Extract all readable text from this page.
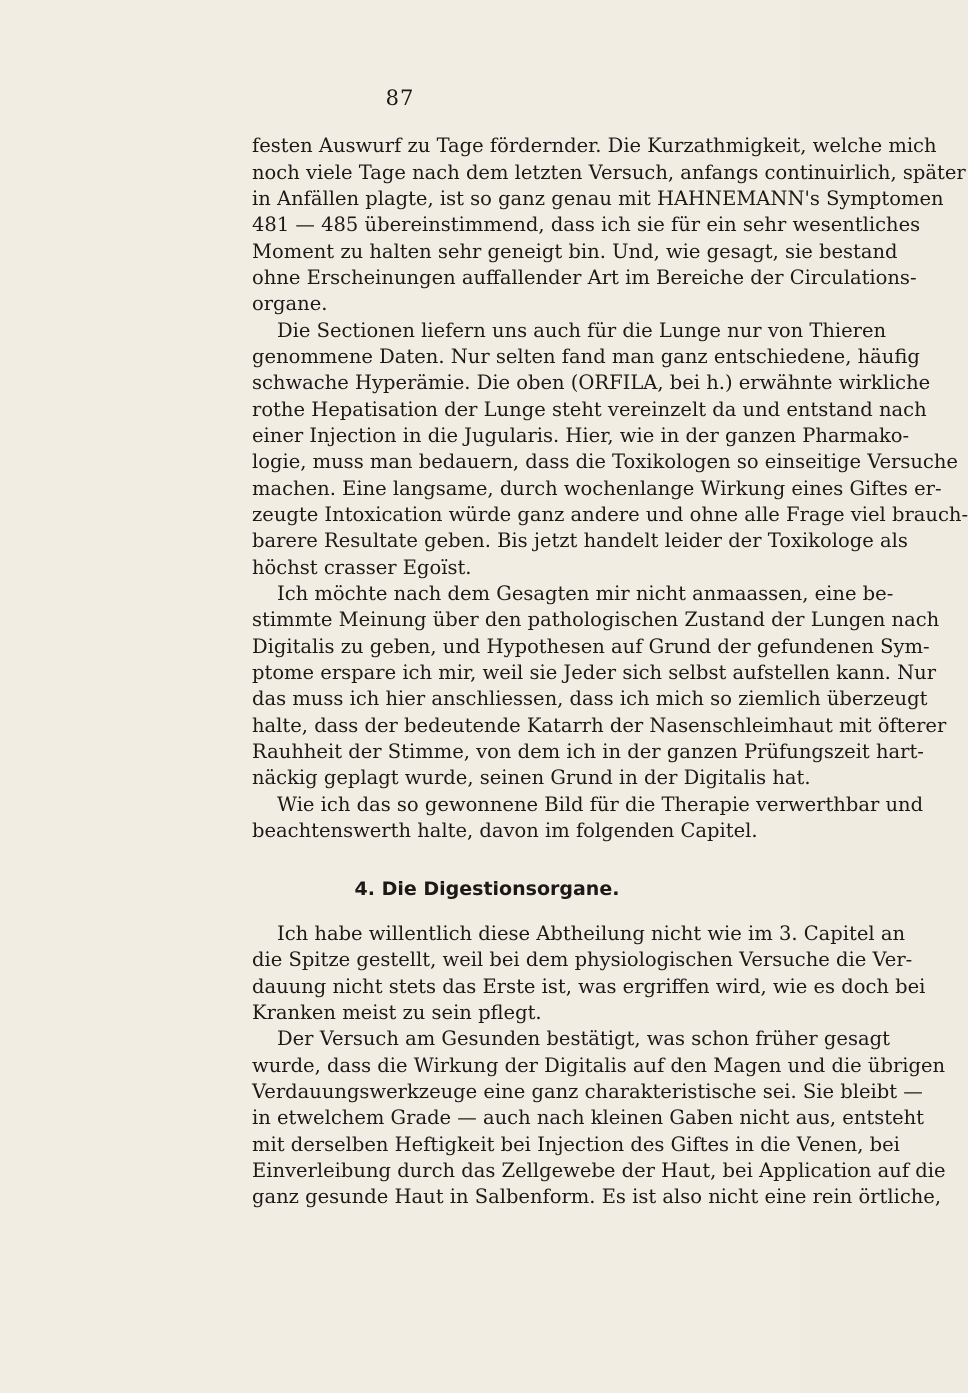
87
festen Auswurf zu Tage fördernder. Die Kurzathmigkeit, welche mich
noch viele Tage nach dem letzten Versuch, anfangs continuirlich, später
in Anfällen plagte, ist so ganz genau mit HAHNEMANN's Symptomen
481 — 485 übereinstimmend, dass ich sie für ein sehr wesentliches
Moment zu halten sehr geneigt bin. Und, wie gesagt, sie bestand
ohne Erscheinungen auffallender Art im Bereiche der Circulations-
organe.
Die Sectionen liefern uns auch für die Lunge nur von Thieren
genommene Daten. Nur selten fand man ganz entschiedene, häufig
schwache Hyperämie. Die oben (ORFILA, bei h.) erwähnte wirkliche
rothe Hepatisation der Lunge steht vereinzelt da und entstand nach
einer Injection in die Jugularis. Hier, wie in der ganzen Pharmako-
logie, muss man bedauern, dass die Toxikologen so einseitige Versuche
machen. Eine langsame, durch wochenlange Wirkung eines Giftes er-
zeugte Intoxication würde ganz andere und ohne alle Frage viel brauch-
barere Resultate geben. Bis jetzt handelt leider der Toxikologe als
höchst crasser Egoïst.
Ich möchte nach dem Gesagten mir nicht anmaassen, eine be-
stimmte Meinung über den pathologischen Zustand der Lungen nach
Digitalis zu geben, und Hypothesen auf Grund der gefundenen Sym-
ptome erspare ich mir, weil sie Jeder sich selbst aufstellen kann. Nur
das muss ich hier anschliessen, dass ich mich so ziemlich überzeugt
halte, dass der bedeutende Katarrh der Nasenschleimhaut mit öfterer
Rauhheit der Stimme, von dem ich in der ganzen Prüfungszeit hart-
näckig geplagt wurde, seinen Grund in der Digitalis hat.
Wie ich das so gewonnene Bild für die Therapie verwerthbar und
beachtenswerth halte, davon im folgenden Capitel.
4. Die Digestionsorgane.
Ich habe willentlich diese Abtheilung nicht wie im 3. Capitel an
die Spitze gestellt, weil bei dem physiologischen Versuche die Ver-
dauung nicht stets das Erste ist, was ergriffen wird, wie es doch bei
Kranken meist zu sein pflegt.
Der Versuch am Gesunden bestätigt, was schon früher gesagt
wurde, dass die Wirkung der Digitalis auf den Magen und die übrigen
Verdauungswerkzeuge eine ganz charakteristische sei. Sie bleibt —
in etwelchem Grade — auch nach kleinen Gaben nicht aus, entsteht
mit derselben Heftigkeit bei Injection des Giftes in die Venen, bei
Einverleibung durch das Zellgewebe der Haut, bei Application auf die
ganz gesunde Haut in Salbenform. Es ist also nicht eine rein örtliche,
